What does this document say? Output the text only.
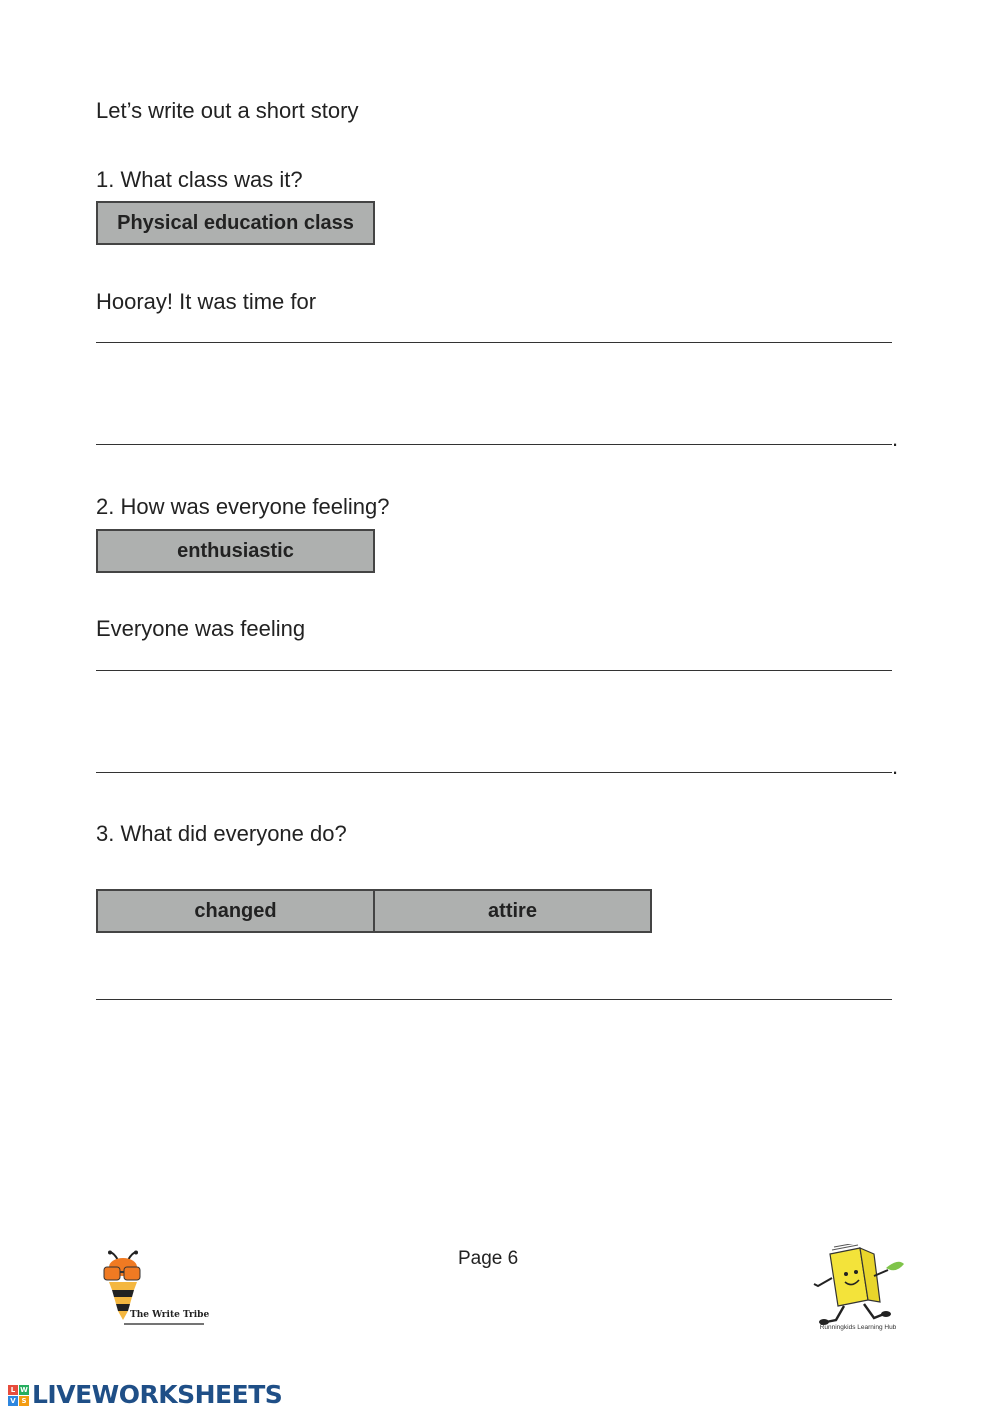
Let’s write out a short story
1. What class was it?
Physical education class
Hooray! It was time for
.
2. How was everyone feeling?
enthusiastic
Everyone was feeling
.
3. What did everyone do?
changed	attire
Page 6
The Write Tribe
Runningkids Learning Hub
L W
V S LIVEWORKSHEETS
